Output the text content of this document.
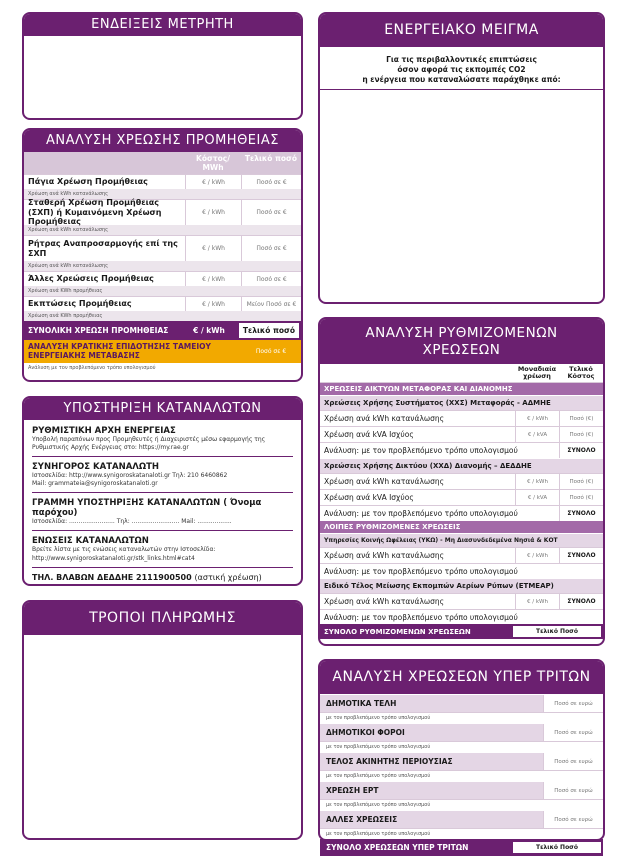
ΕΝΔΕΙΞΕΙΣ ΜΕΤΡΗΤΗ
ΑΝΑΛΥΣΗ ΧΡΕΩΣΗΣ ΠΡΟΜΗΘΕΙΑΣ
Κόστος/ MWh
Τελικό ποσό
Πάγια Χρέωση Προμήθειας	€ / kWh	Ποσό σε €
Χρέωση ανά kWh κατανάλωσης
Σταθερή Χρέωση Προμήθειας (ΣΧΠ) ή Κυμαινόμενη Χρέωση Προμήθειας
€ / kWh	Ποσό σε €
Χρέωση ανά kWh κατανάλωσης
Ρήτρας Αναπροσαρμογής επί της ΣΧΠ	€ / kWh	Ποσό σε €
Χρέωση ανά kWh κατανάλωσης
Άλλες Χρεώσεις Προμήθειας	€ / kWh	Ποσό σε €
Χρέωση ανά KWh προμήθειας
Εκπτώσεις Προμήθειας	€ / kWh	Μείον Ποσό σε €
Χρέωση ανά KWh προμήθειας
ΣΥΝΟΛΙΚΗ ΧΡΕΩΣΗ ΠΡΟΜΗΘΕΙΑΣ	€ / kWh	Τελικό ποσό
ΑΝΑΛΥΣΗ ΚΡΑΤΙΚΗΣ ΕΠΙΔΟΤΗΣΗΣ ΤΑΜΕΙΟΥ ΕΝΕΡΓΕΙΑΚΗΣ ΜΕΤΑΒΑΣΗΣ	Ποσό σε €
Ανάλυση με τον προβλεπόμενο τρόπο υπολογισμού
ΥΠΟΣΤΗΡΙΞΗ ΚΑΤΑΝΑΛΩΤΩΝ
ΡΥΘΜΙΣΤΙΚΗ ΑΡΧΗ ΕΝΕΡΓΕΙΑΣ
Υποβολή παραπόνων προς Προμηθευτές ή Διαχειριστές μέσω εφαρμογής της Ρυθμιστικής Αρχής Ενέργειας στο: https://my.rae.gr
ΣΥΝΗΓΟΡΟΣ ΚΑΤΑΝΑΛΩΤΗ
Ιστοσελίδα: http://www.synigoroskatanaloti.gr Τηλ: 210 6460862
Mail: grammateia@synigoroskatanaloti.gr
ΓΡΑΜΜΗ ΥΠΟΣΤΗΡΙΞΗΣ ΚΑΤΑΝΑΛΩΤΩΝ ( Όνομα παρόχου)
Ιστοσελίδα: ........................ Τηλ: ......................... Mail: ..................
ΕΝΩΣΕΙΣ ΚΑΤΑΝΑΛΩΤΩΝ
Βρείτε λίστα με τις ενώσεις καταναλωτών στην Ιστοσελίδα:
http://www.synigoroskatanaloti.gr/stk_links.html#cat4
ΤΗΛ. ΒΛΑΒΩΝ ΔΕΔΔΗΕ 2111900500 (αστική χρέωση)
ΤΡΟΠΟΙ ΠΛΗΡΩΜΗΣ
ΕΝΕΡΓΕΙΑΚΟ ΜΕΙΓΜΑ
Για τις περιβαλλοντικές επιπτώσεις
όσον αφορά τις εκπομπές CO2
η ενέργεια που καταναλώσατε παράχθηκε από:
ΑΝΑΛΥΣΗ ΡΥΘΜΙΖΟΜΕΝΩΝ ΧΡΕΩΣΕΩΝ
Μοναδιαία χρέωση
Τελικό Κόστος
ΧΡΕΩΣΕΙΣ ΔΙΚΤΥΩΝ ΜΕΤΑΦΟΡΑΣ ΚΑΙ ΔΙΑΝΟΜΗΣ
Χρεώσεις Χρήσης Συστήματος (ΧΧΣ) Μεταφοράς - ΑΔΜΗΕ
Χρέωση ανά kWh κατανάλωσης	€ / kWh	Ποσό (€)
Χρέωση ανά kVA Ισχύος	€ / kVA	Ποσό (€)
Ανάλυση: με τον προβλεπόμενο τρόπο υπολογισμού	ΣΥΝΟΛΟ
Χρεώσεις Χρήσης Δικτύου (ΧΧΔ) Διανομής – ΔΕΔΔΗΕ
Χρέωση ανά kWh κατανάλωσης	€ / kWh	Ποσό (€)
Χρέωση ανά kVA Ισχύος	€ / kVA	Ποσό (€)
Ανάλυση: με τον προβλεπόμενο τρόπο υπολογισμού	ΣΥΝΟΛΟ
ΛΟΙΠΕΣ ΡΥΘΜΙΖΟΜΕΝΕΣ ΧΡΕΩΣΕΙΣ
Υπηρεσίες Κοινής Ωφέλειας (ΥΚΩ) - Μη Διασυνδεδεμένα Νησιά & ΚΟΤ
Χρέωση ανά kWh κατανάλωσης	€ / kWh	ΣΥΝΟΛΟ
Ανάλυση: με τον προβλεπόμενο τρόπο υπολογισμού
Ειδικό Τέλος Μείωσης Εκπομπών Αερίων Ρύπων (ΕΤΜΕΑΡ)
Χρέωση ανά kWh κατανάλωσης	€ / kWh	ΣΥΝΟΛΟ
Ανάλυση: με τον προβλεπόμενο τρόπο υπολογισμού
ΣΥΝΟΛΟ ΡΥΘΜΙΖΟΜΕΝΩΝ ΧΡΕΩΣΕΩΝ	Τελικό Ποσό
ΑΝΑΛΥΣΗ ΧΡΕΩΣΕΩΝ ΥΠΕΡ ΤΡΙΤΩΝ
ΔΗΜΟΤΙΚΑ ΤΕΛΗ	Ποσό σε ευρώ
με τον προβλεπόμενο τρόπο υπολογισμού
ΔΗΜΟΤΙΚΟΙ ΦΟΡΟΙ	Ποσό σε ευρώ
με τον προβλεπόμενο τρόπο υπολογισμού
ΤΕΛΟΣ ΑΚΙΝΗΤΗΣ ΠΕΡΙΟΥΣΙΑΣ	Ποσό σε ευρώ
με τον προβλεπόμενο τρόπο υπολογισμού
ΧΡΕΩΣΗ ΕΡΤ	Ποσό σε ευρώ
με τον προβλεπόμενο τρόπο υπολογισμού
ΑΛΛΕΣ ΧΡΕΩΣΕΙΣ	Ποσό σε ευρώ
με τον προβλεπόμενο τρόπο υπολογισμού
ΣΥΝΟΛΟ ΧΡΕΩΣΕΩΝ ΥΠΕΡ ΤΡΙΤΩΝ	Τελικό Ποσό
